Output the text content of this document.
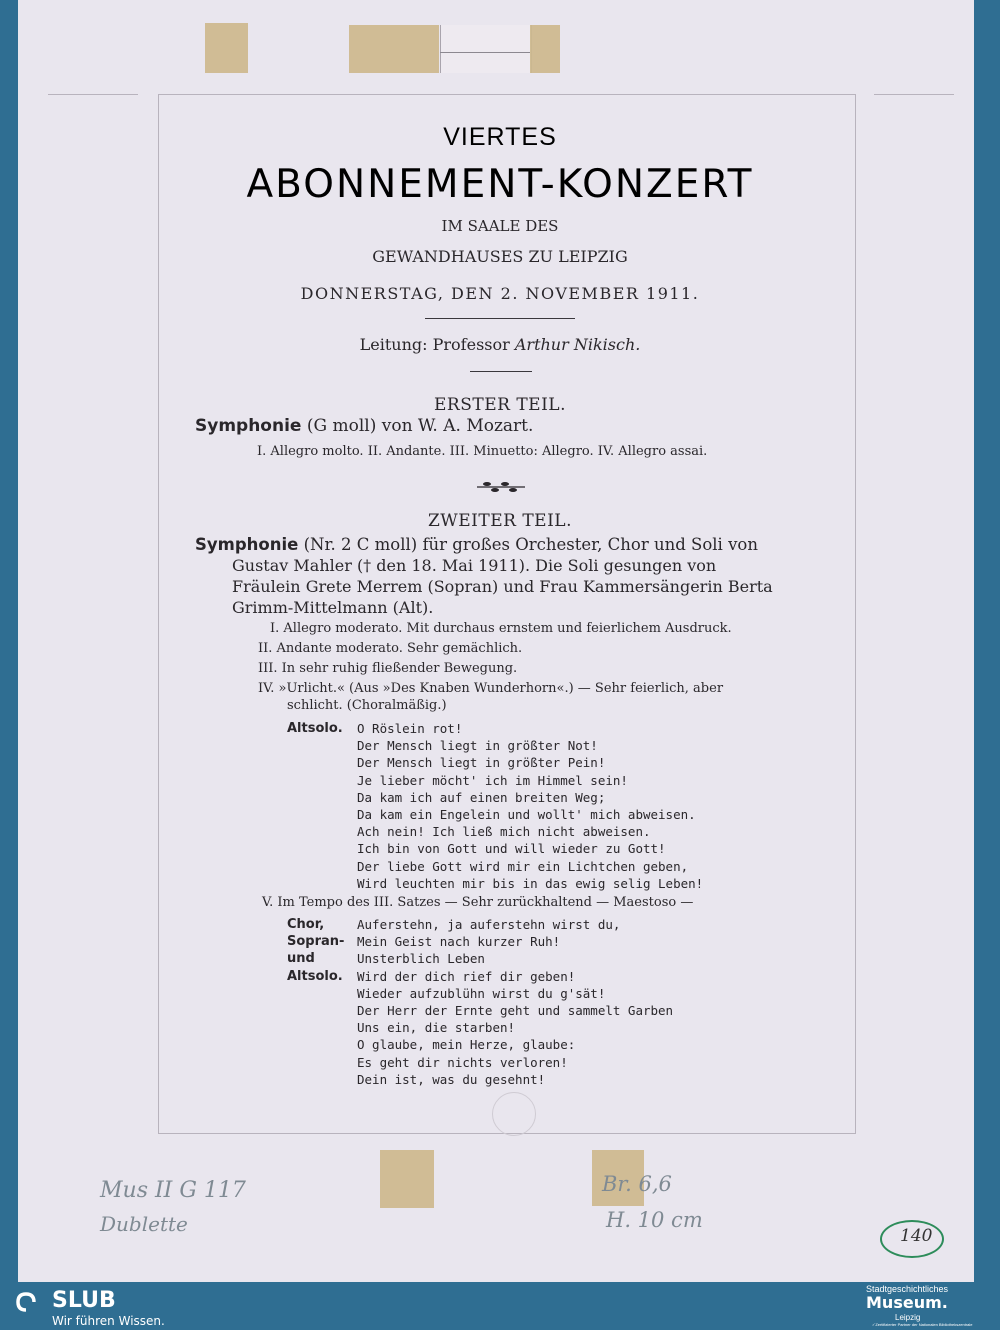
VIERTES
ABONNEMENT-KONZERT
IM SAALE DES
GEWANDHAUSES ZU LEIPZIG
DONNERSTAG, DEN 2. NOVEMBER 1911.
Leitung: Professor Arthur Nikisch.
ERSTER TEIL.
Symphonie (G moll) von W. A. Mozart.
I. Allegro molto. II. Andante. III. Minuetto: Allegro. IV. Allegro assai.
ZWEITER TEIL.
Symphonie (Nr. 2 C moll) für großes Orchester, Chor und Soli von
Gustav Mahler († den 18. Mai 1911). Die Soli gesungen von
Fräulein Grete Merrem (Sopran) und Frau Kammersängerin Berta
Grimm-Mittelmann (Alt).
I. Allegro moderato. Mit durchaus ernstem und feierlichem Ausdruck.
II. Andante moderato. Sehr gemächlich.
III. In sehr ruhig fließender Bewegung.
IV. »Urlicht.« (Aus »Des Knaben Wunderhorn«.) — Sehr feierlich, aber
schlicht. (Choralmäßig.)
Altsolo. O Röslein rot!
Der Mensch liegt in größter Not!
Der Mensch liegt in größter Pein!
Je lieber möcht' ich im Himmel sein!
Da kam ich auf einen breiten Weg;
Da kam ein Engelein und wollt' mich abweisen.
Ach nein! Ich ließ mich nicht abweisen.
Ich bin von Gott und will wieder zu Gott!
Der liebe Gott wird mir ein Lichtchen geben,
Wird leuchten mir bis in das ewig selig Leben!
V. Im Tempo des III. Satzes — Sehr zurückhaltend — Maestoso —
Chor,
Sopran-
und
Altsolo.
Auferstehn, ja auferstehn wirst du,
Mein Geist nach kurzer Ruh!
Unsterblich Leben
Wird der dich rief dir geben!
Wieder aufzublühn wirst du g'sät!
Der Herr der Ernte geht und sammelt Garben
Uns ein, die starben!
O glaube, mein Herze, glaube:
Es geht dir nichts verloren!
Dein ist, was du gesehnt!
Mus II G 117
Dublette
Br. 6,6
H. 10 cm
140
SLUB
Wir führen Wissen.
Stadtgeschichtliches
Museum.
Leipzig
✓Zertifizierter Partner der Nationalen Bibliothekszentrale
